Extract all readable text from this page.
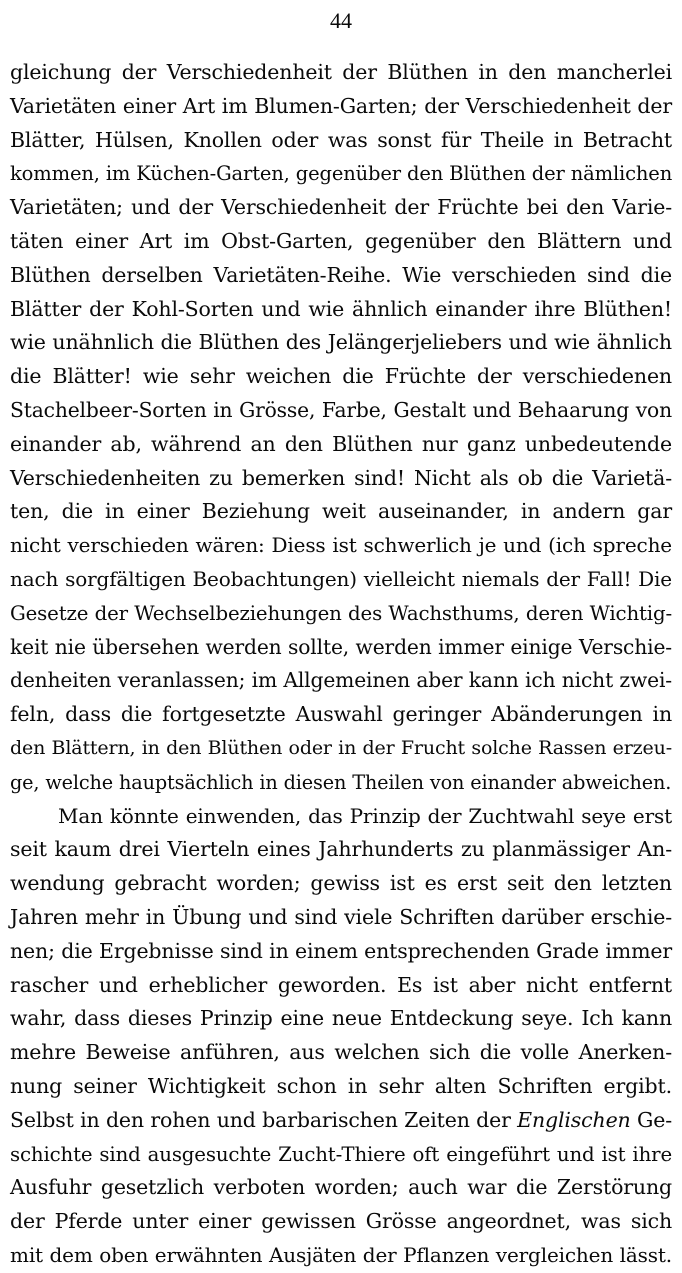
44
gleichung der Verschiedenheit der Blüthen in den mancherlei
Varietäten einer Art im Blumen-Garten; der Verschiedenheit der
Blätter, Hülsen, Knollen oder was sonst für Theile in Betracht
kommen, im Küchen-Garten, gegenüber den Blüthen der nämlichen
Varietäten; und der Verschiedenheit der Früchte bei den Varie-
täten einer Art im Obst-Garten, gegenüber den Blättern und
Blüthen derselben Varietäten-Reihe. Wie verschieden sind die
Blätter der Kohl-Sorten und wie ähnlich einander ihre Blüthen!
wie unähnlich die Blüthen des Jelängerjeliebers und wie ähnlich
die Blätter! wie sehr weichen die Früchte der verschiedenen
Stachelbeer-Sorten in Grösse, Farbe, Gestalt und Behaarung von
einander ab, während an den Blüthen nur ganz unbedeutende
Verschiedenheiten zu bemerken sind! Nicht als ob die Varietä-
ten, die in einer Beziehung weit auseinander, in andern gar
nicht verschieden wären: Diess ist schwerlich je und (ich spreche
nach sorgfältigen Beobachtungen) vielleicht niemals der Fall! Die
Gesetze der Wechselbeziehungen des Wachsthums, deren Wichtig-
keit nie übersehen werden sollte, werden immer einige Verschie-
denheiten veranlassen; im Allgemeinen aber kann ich nicht zwei-
feln, dass die fortgesetzte Auswahl geringer Abänderungen in
den Blättern, in den Blüthen oder in der Frucht solche Rassen erzeu-
ge, welche hauptsächlich in diesen Theilen von einander abweichen.
Man könnte einwenden, das Prinzip der Zuchtwahl seye erst
seit kaum drei Vierteln eines Jahrhunderts zu planmässiger An-
wendung gebracht worden; gewiss ist es erst seit den letzten
Jahren mehr in Übung und sind viele Schriften darüber erschie-
nen; die Ergebnisse sind in einem entsprechenden Grade immer
rascher und erheblicher geworden. Es ist aber nicht entfernt
wahr, dass dieses Prinzip eine neue Entdeckung seye. Ich kann
mehre Beweise anführen, aus welchen sich die volle Anerken-
nung seiner Wichtigkeit schon in sehr alten Schriften ergibt.
Selbst in den rohen und barbarischen Zeiten der Englischen Ge-
schichte sind ausgesuchte Zucht-Thiere oft eingeführt und ist ihre
Ausfuhr gesetzlich verboten worden; auch war die Zerstörung
der Pferde unter einer gewissen Grösse angeordnet, was sich
mit dem oben erwähnten Ausjäten der Pflanzen vergleichen lässt.
